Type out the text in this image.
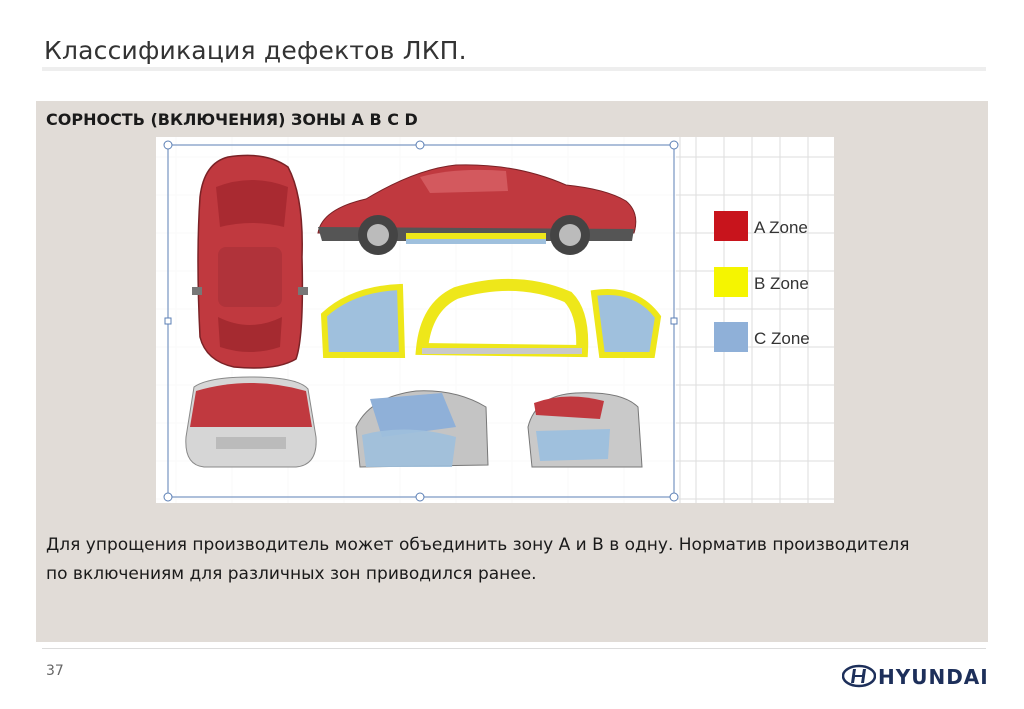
Классификация дефектов ЛКП.
СОРНОСТЬ (ВКЛЮЧЕНИЯ) ЗОНЫ A B C D
A Zone
B Zone
C Zone
Для упрощения производитель может объединить зону А и В в одну. Норматив производителя по включениям для различных зон приводился ранее.
37	HYUNDAI
